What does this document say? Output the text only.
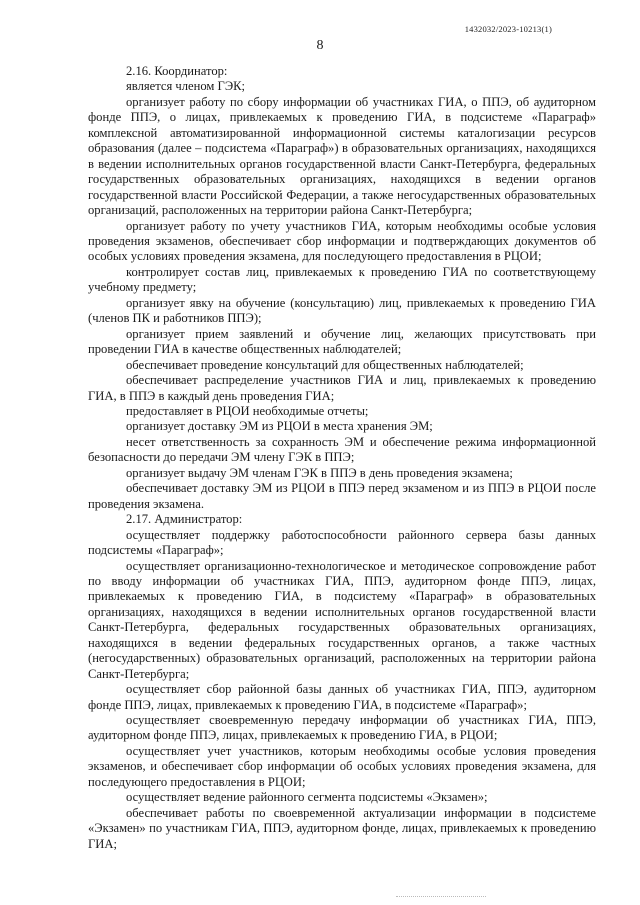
1432032/2023-10213(1)
8

2.16. Координатор:

является членом ГЭК;

организует работу по сбору информации об участниках ГИА, о ППЭ, об аудиторном фонде ППЭ, о лицах, привлекаемых к проведению ГИА, в подсистеме «Параграф» комплексной автоматизированной информационной системы каталогизации ресурсов образования (далее – подсистема «Параграф») в образовательных организациях, находящихся в ведении исполнительных органов государственной власти Санкт-Петербурга, федеральных государственных образовательных организациях, находящихся в ведении органов государственной власти Российской Федерации, а также негосударственных образовательных организаций, расположенных на территории района Санкт-Петербурга;

организует работу по учету участников ГИА, которым необходимы особые условия проведения экзаменов, обеспечивает сбор информации и подтверждающих документов об особых условиях проведения экзамена, для последующего предоставления в РЦОИ;

контролирует состав лиц, привлекаемых к проведению ГИА по соответствующему учебному предмету;

организует явку на обучение (консультацию) лиц, привлекаемых к проведению ГИА (членов ПК и работников ППЭ);

организует прием заявлений и обучение лиц, желающих присутствовать при проведении ГИА в качестве общественных наблюдателей;

обеспечивает проведение консультаций для общественных наблюдателей;

обеспечивает распределение участников ГИА и лиц, привлекаемых к проведению ГИА, в ППЭ в каждый день проведения ГИА;

предоставляет в РЦОИ необходимые отчеты;

организует доставку ЭМ из РЦОИ в места хранения ЭМ;

несет ответственность за сохранность ЭМ и обеспечение режима информационной безопасности до передачи ЭМ члену ГЭК в ППЭ;

организует выдачу ЭМ членам ГЭК в ППЭ в день проведения экзамена;

обеспечивает доставку ЭМ из РЦОИ в ППЭ перед экзаменом и из ППЭ в РЦОИ после проведения экзамена.

2.17. Администратор:

осуществляет поддержку работоспособности районного сервера базы данных подсистемы «Параграф»;

осуществляет организационно-технологическое и методическое сопровождение работ по вводу информации об участниках ГИА, ППЭ, аудиторном фонде ППЭ, лицах, привлекаемых к проведению ГИА, в подсистему «Параграф» в образовательных организациях, находящихся в ведении исполнительных органов государственной власти Санкт-Петербурга, федеральных государственных образовательных организациях, находящихся в ведении федеральных государственных органов, а также частных (негосударственных) образовательных организаций, расположенных на территории района Санкт-Петербурга;

осуществляет сбор районной базы данных об участниках ГИА, ППЭ, аудиторном фонде ППЭ, лицах, привлекаемых к проведению ГИА, в подсистеме «Параграф»;

осуществляет своевременную передачу информации об участниках ГИА, ППЭ, аудиторном фонде ППЭ, лицах, привлекаемых к проведению ГИА, в РЦОИ;

осуществляет учет участников, которым необходимы особые условия проведения экзаменов, и обеспечивает сбор информации об особых условиях проведения экзамена, для последующего предоставления в РЦОИ;

осуществляет ведение районного сегмента подсистемы «Экзамен»;

обеспечивает работы по своевременной актуализации информации в подсистеме «Экзамен» по участникам ГИА, ППЭ, аудиторном фонде, лицах, привлекаемых к проведению ГИА;
